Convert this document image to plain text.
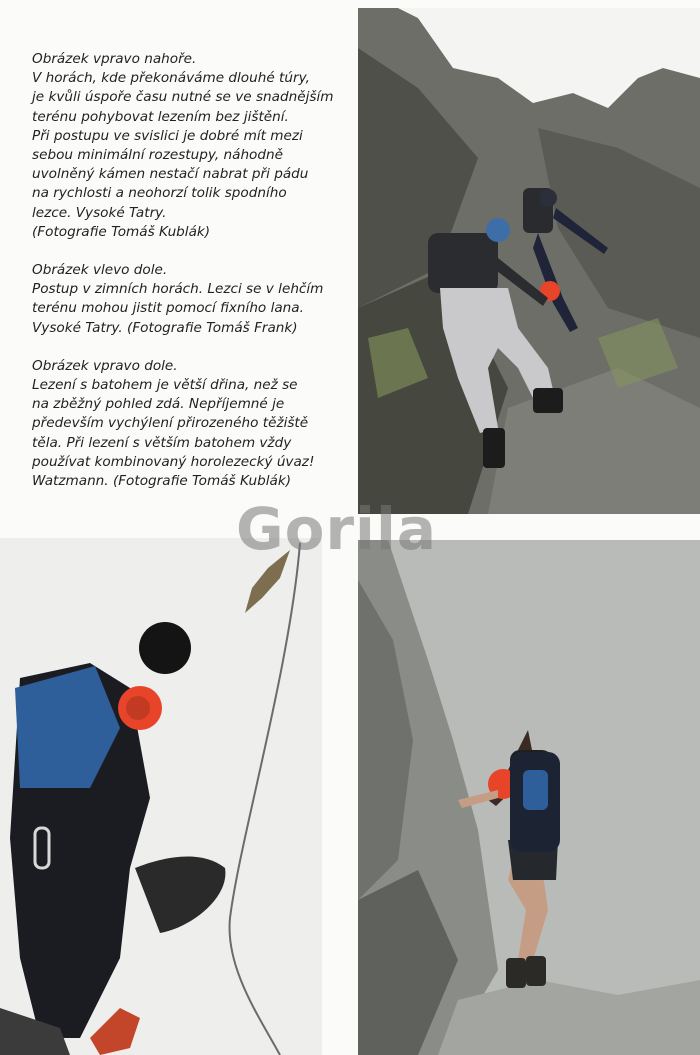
Obrázek vpravo nahoře.
V horách, kde překonáváme dlouhé túry,
je kvůli úspoře času nutné se ve snadnějším
terénu pohybovat lezením bez jištění.
Při postupu ve svislici je dobré mít mezi
sebou minimální rozestupy, náhodně
uvolněný kámen nestačí nabrat při pádu
na rychlosti a neohorzí tolik spodního
lezce. Vysoké Tatry.
(Fotografie Tomáš Kublák)
Obrázek vlevo dole.
Postup v zimních horách. Lezci se v lehčím
terénu mohou jistit pomocí fixního lana.
Vysoké Tatry. (Fotografie Tomáš Frank)
Obrázek vpravo dole.
Lezení s batohem je větší dřina, než se
na zběžný pohled zdá. Nepříjemné je
především vychýlení přirozeného těžiště
těla. Při lezení s větším batohem vždy
používat kombinovaný horolezecký úvaz!
Watzmann. (Fotografie Tomáš Kublák)
Gorila
